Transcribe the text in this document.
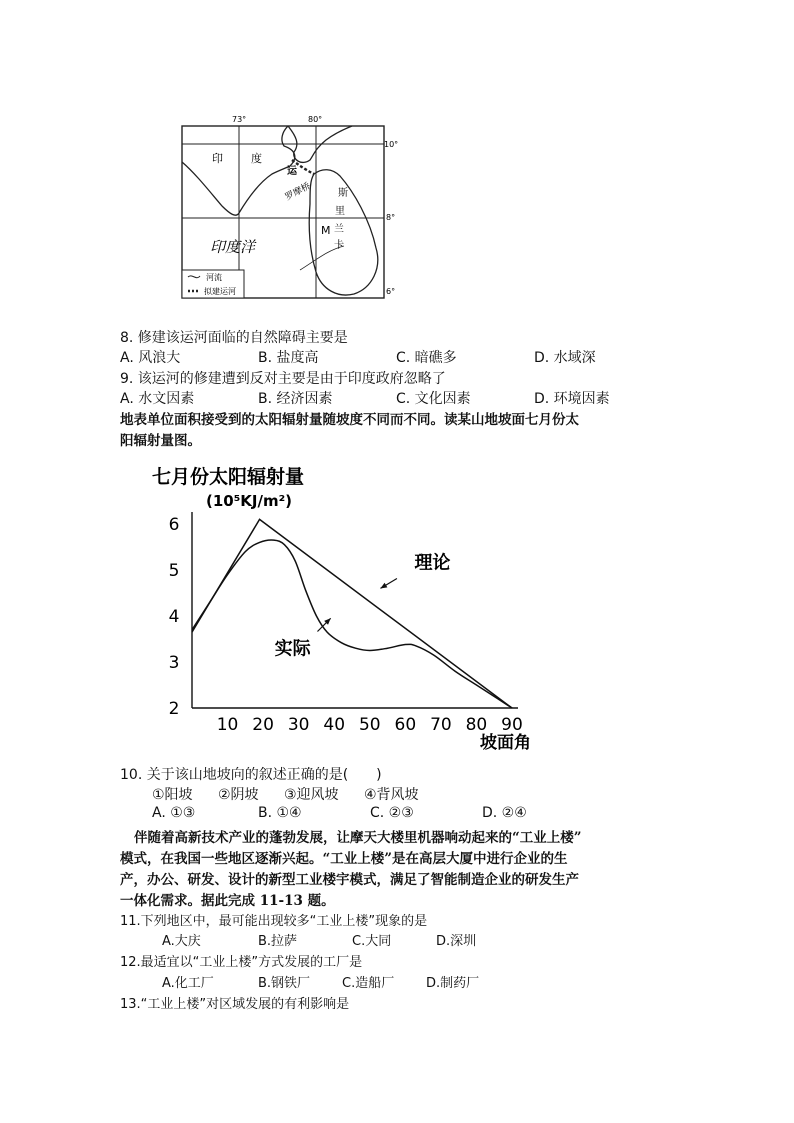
73°	80°
10°
8°
6°
印	度
运
罗摩桥
印度洋
斯
里
兰
卡
M
河流
拟建运河
8. 修建该运河面临的自然障碍主要是
A. 风浪大	B. 盐度高	C. 暗礁多	D. 水域深
9. 该运河的修建遭到反对主要是由于印度政府忽略了
A. 水文因素	B. 经济因素	C. 文化因素	D. 环境因素
地表单位面积接受到的太阳辐射量随坡度不同而不同。读某山地坡面七月份太
阳辐射量图。
七月份太阳辐射量
(10⁵KJ/m²)
坡面角
2
3
4
5
6
10 20 30 40 50 60 70 80 90
理论
实际
10. 关于该山地坡向的叙述正确的是(　　)
①阳坡 ②阴坡 ③迎风坡 ④背风坡
A. ①③	B. ①④	C. ②③	D. ②④
伴随着高新技术产业的蓬勃发展，让摩天大楼里机器响动起来的“工业上楼”
模式，在我国一些地区逐渐兴起。“工业上楼”是在高层大厦中进行企业的生
产，办公、研发、设计的新型工业楼宇模式，满足了智能制造企业的研发生产
一体化需求。据此完成 11-13 题。
11.下列地区中，最可能出现较多“工业上楼”现象的是
A.大庆	B.拉萨	C.大同	D.深圳
12.最适宜以“工业上楼”方式发展的工厂是
A.化工厂	B.钢铁厂 C.造船厂 D.制药厂
13.“工业上楼”对区域发展的有利影响是
